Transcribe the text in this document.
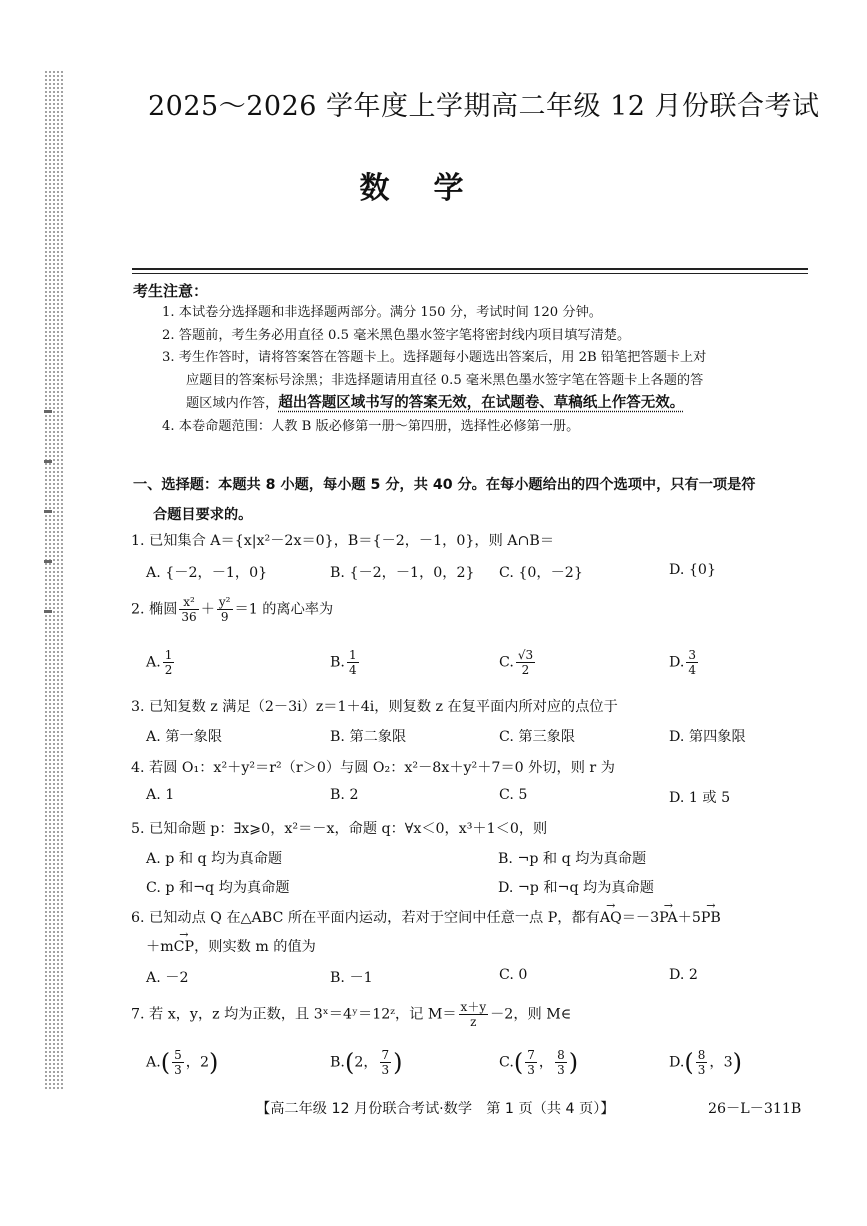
2025～2026 学年度上学期高二年级 12 月份联合考试
数学
考生注意：

1. 本试卷分选择题和非选择题两部分。满分 150 分，考试时间 120 分钟。

2. 答题前，考生务必用直径 0.5 毫米黑色墨水签字笔将密封线内项目填写清楚。

3. 考生作答时，请将答案答在答题卡上。选择题每小题选出答案后，用 2B 铅笔把答题卡上对

应题目的答案标号涂黑；非选择题请用直径 0.5 毫米黑色墨水签字笔在答题卡上各题的答

题区域内作答，超出答题区域书写的答案无效，在试题卷、草稿纸上作答无效。

4. 本卷命题范围：人教 B 版必修第一册～第四册，选择性必修第一册。

一、选择题：本题共 8 小题，每小题 5 分，共 40 分。在每小题给出的四个选项中，只有一项是符
合题目要求的。
1. 已知集合 A＝{x|x²－2x＝0}，B＝{－2，－1，0}，则 A∩B＝
A. {－2，－1，0}	B. {－2，－1，0，2} C. {0，－2}	D. {0}
2. 椭圆 $\frac{\text{x²}}{36} + \frac{\text{y²}}{9} =1$ 的离心率为
A. $\frac{1}{2}$	B. $\frac{1}{4}$	C. $\frac{√3}{2}$	D. $\frac{3}{4}$
3. 已知复数 z 满足（2－3i）z＝1＋4i，则复数 z 在复平面内所对应的点位于
A. 第一象限	B. 第二象限	C. 第三象限	D. 第四象限
4. 若圆 O₁：x²＋y²＝r²（r＞0）与圆 O₂：x²－8x＋y²＋7＝0 外切，则 r 为
A. 1	B. 2	C. 5	D. 1 或 5
5. 已知命题 p：∃x⩾0，x²＝－x，命题 q：∀x＜0，x³＋1＜0，则
A. p 和 q 均为真命题	B. ¬p 和 q 均为真命题
C. p 和¬q 均为真命题	D. ¬p 和¬q 均为真命题
6. 已知动点 Q 在△ABC 所在平面内运动，若对于空间中任意一点 P，都有→ AQ＝－3→ PA＋5→ PB
＋m→ CP，则实数 m 的值为
A. －2	B. －1	C. 0	D. 2
7. 若 x，y，z 均为正数，且 3ˣ＝4ʸ＝12ᶻ，记 $M= \frac{x+y}{z} -2$，则 M∈
$A.( \frac{5}{3}$ ，2)	B.(2， $\frac{7}{3}$ )	$C.( \frac{7}{3}$ ， $\frac{8}{3}$ )	$D.( \frac{8}{3}$ ，3)
【高二年级 12 月份联合考试·数学　第 1 页（共 4 页）】	26－L－311B
